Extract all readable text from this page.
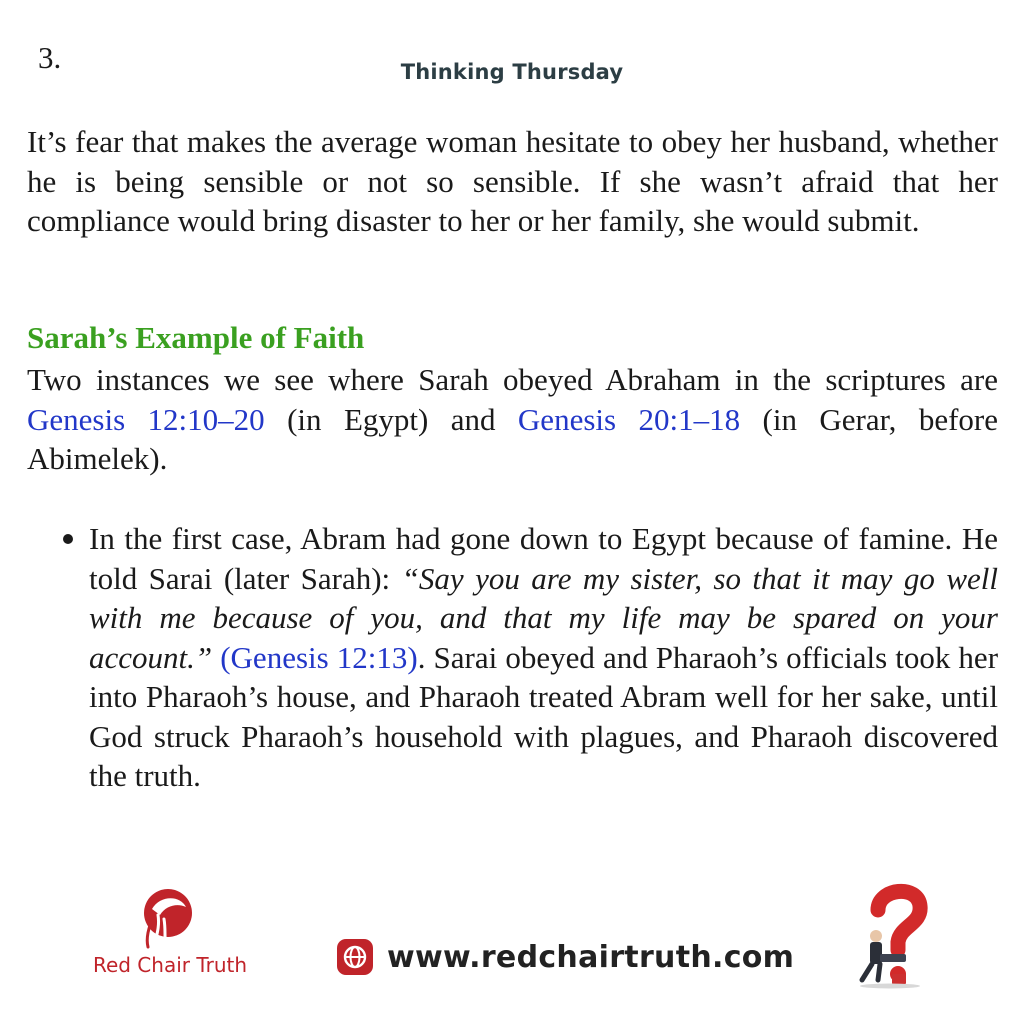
3.	Thinking Thursday

It’s fear that makes the average woman hesitate to obey her husband, whether he is being sensible or not so sensible. If she wasn’t afraid that her compliance would bring disaster to her or her family, she would submit.

Sarah’s Example of Faith

Two instances we see where Sarah obeyed Abraham in the scriptures are Genesis 12:10–20 (in Egypt) and Genesis 20:1–18 (in Gerar, before Abimelek).

In the first case, Abram had gone down to Egypt because of famine. He told Sarai (later Sarah): “Say you are my sister, so that it may go well with me because of you, and that my life may be spared on your account.” (Genesis 12:13). Sarai obeyed and Pharaoh’s officials took her into Pharaoh’s house, and Pharaoh treated Abram well for her sake, until God struck Pharaoh’s household with plagues, and Pharaoh discovered the truth.
Red Chair Truth	www.redchairtruth.com
